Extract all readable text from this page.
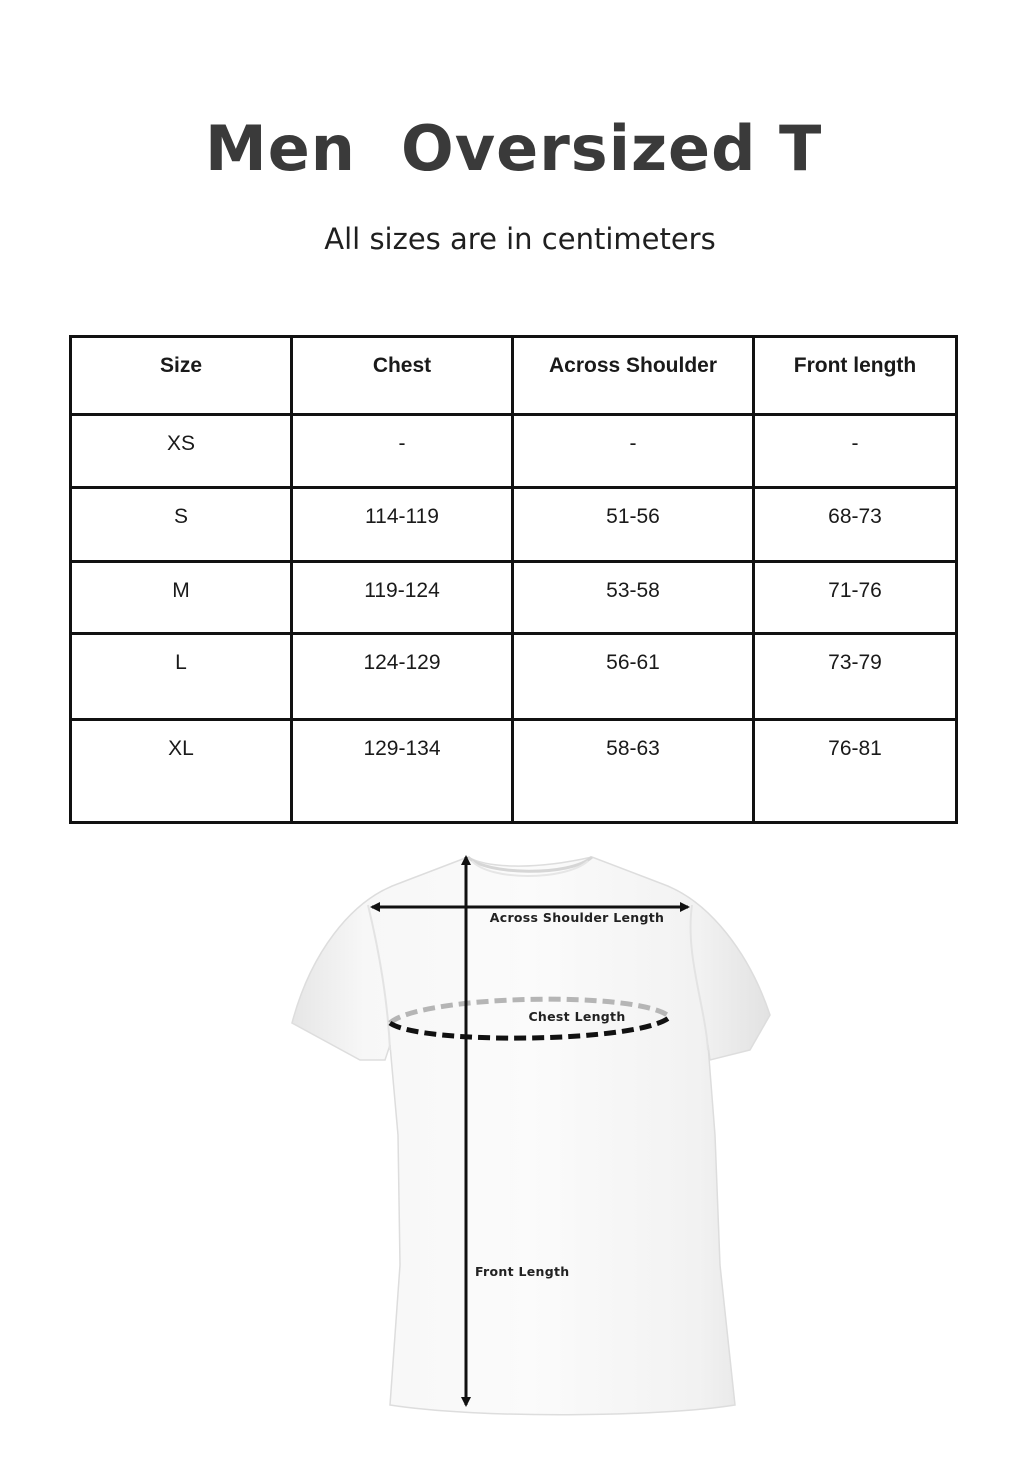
Men  Oversized T

All sizes are in centimeters

Size	Chest	Across Shoulder	Front length
XS	-	-	-
S	114-119	51-56	68-73
M	119-124	53-58	71-76
L	124-129	56-61	73-79
XL	129-134	58-63	76-81
Across Shoulder Length
Chest Length
Front Length
